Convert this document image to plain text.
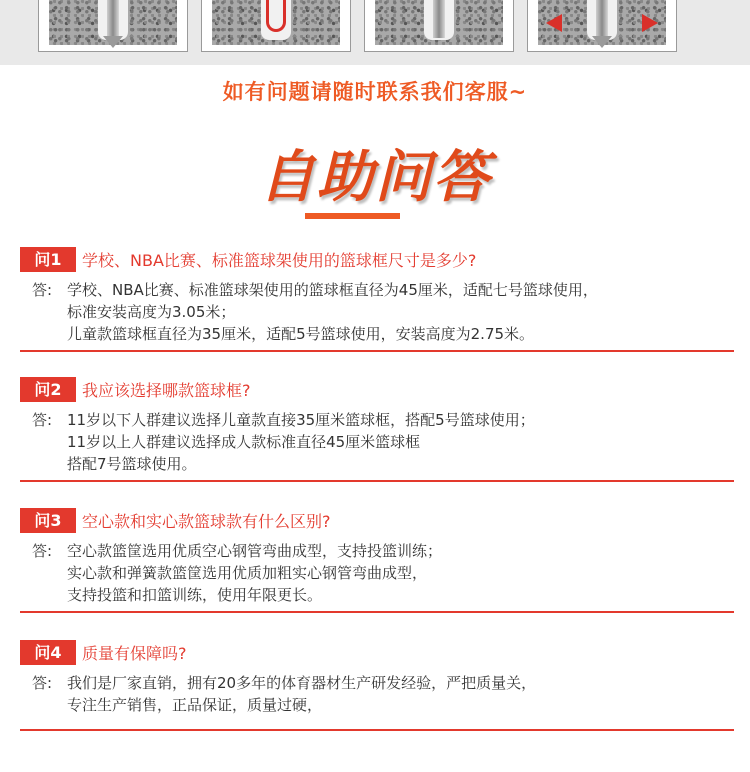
如有问题请随时联系我们客服~
自助问答
问1	学校、NBA比赛、标准篮球架使用的篮球框尺寸是多少?
答: 学校、NBA比赛、标准篮球架使用的篮球框直径为45厘米，适配七号篮球使用，
标准安装高度为3.05米；
儿童款篮球框直径为35厘米，适配5号篮球使用，安装高度为2.75米。
问2	我应该选择哪款篮球框?
答: 11岁以下人群建议选择儿童款直接35厘米篮球框，搭配5号篮球使用；
11岁以上人群建议选择成人款标准直径45厘米篮球框
搭配7号篮球使用。
问3	空心款和实心款篮球款有什么区别?
答: 空心款篮筐选用优质空心钢管弯曲成型，支持投篮训练；
实心款和弹簧款篮筐选用优质加粗实心钢管弯曲成型，
支持投篮和扣篮训练，使用年限更长。
问4	质量有保障吗?
答: 我们是厂家直销，拥有20多年的体育器材生产研发经验，严把质量关，
专注生产销售，正品保证，质量过硬，
